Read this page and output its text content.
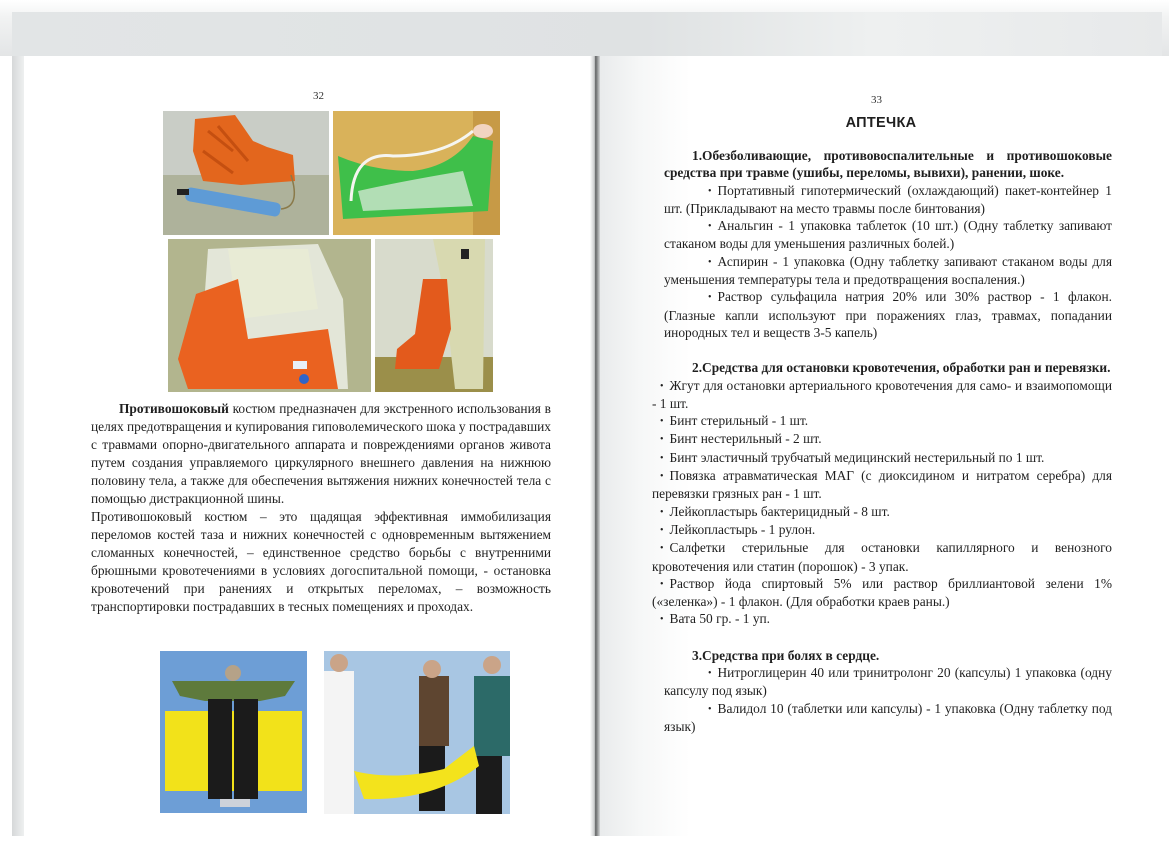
32

Противошоковый костюм предназначен для экстренного использования в целях предотвращения и купирования гиповолемического шока у пострадавших с травмами опорно-двигательного аппарата и повреждениями органов живота путем создания управляемого циркулярного внешнего давления на нижнюю половину тела, а также для обеспечения вытяжения нижних конечностей тела с помощью дистракционной шины.

Противошоковый костюм – это щадящая эффективная иммобилизация переломов костей таза и нижних конечностей с одновременным вытяжением сломанных конечностей, – единственное средство борьбы с внутренними брюшными кровотечениями в условиях догоспитальной помощи, - остановка кровотечений при ранениях и открытых переломах, – возможность транспортировки пострадавших в тесных помещениях и проходах.

33
АПТЕЧКА

1.Обезболивающие, противовоспалительные и противошоковые средства при травме (ушибы, переломы, вывихи), ранении, шоке.

• Портативный гипотермический (охлаждающий) пакет-контейнер 1 шт. (Прикладывают на место травмы после бинтования)

• Анальгин - 1 упаковка таблеток (10 шт.) (Одну таблетку запивают стаканом воды для уменьшения различных болей.)

• Аспирин - 1 упаковка (Одну таблетку запивают стаканом воды для уменьшения температуры тела и предотвращения воспаления.)

• Раствор сульфацила натрия 20% или 30% раствор - 1 флакон. (Глазные капли используют при поражениях глаз, травмах, попадании инородных тел и веществ 3-5 капель)

2.Средства для остановки кровотечения, обработки ран и перевязки.

• Жгут для остановки артериального кровотечения для само- и взаимопомощи - 1 шт.

• Бинт стерильный - 1 шт.

• Бинт нестерильный - 2 шт.

• Бинт эластичный трубчатый медицинский нестерильный по 1 шт.

• Повязка атравматическая МАГ (с диоксидином и нитратом серебра) для перевязки грязных ран - 1 шт.

• Лейкопластырь бактерицидный - 8 шт.

• Лейкопластырь - 1 рулон.

• Салфетки стерильные для остановки капиллярного и венозного кровотечения или статин (порошок) - 3 упак.

• Раствор йода спиртовый 5% или раствор бриллиантовой зелени 1% («зеленка») - 1 флакон. (Для обработки краев раны.)

• Вата 50 гр. - 1 уп.

3.Средства при болях в сердце.

• Нитроглицерин 40 или тринитролонг 20 (капсулы) 1 упаковка (одну капсулу под язык)

• Валидол 10 (таблетки или капсулы) - 1 упаковка (Одну таблетку под язык)
